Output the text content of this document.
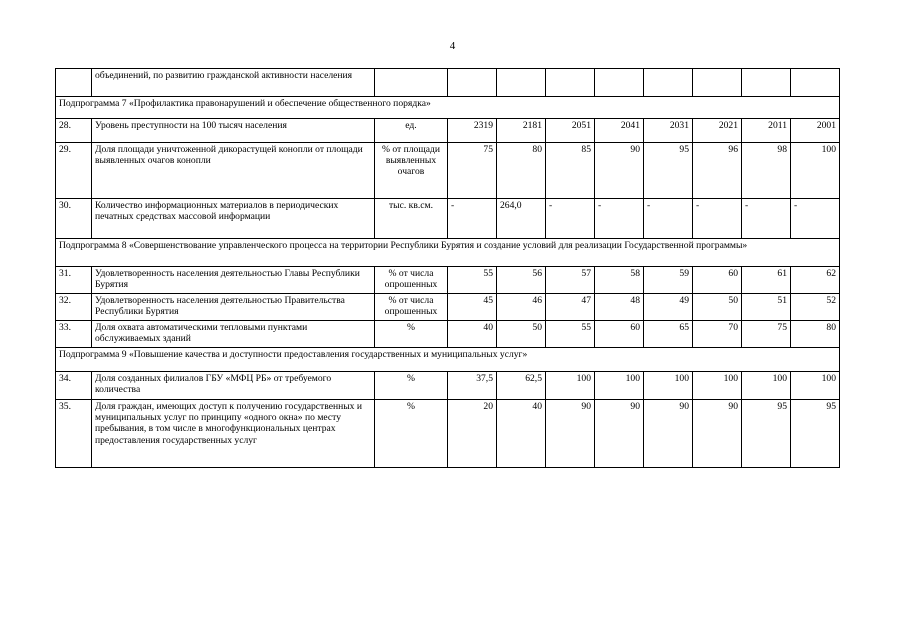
4
	объединений, по развитию гражданской активности населения									
Подпрограмма 7 «Профилактика правонарушений и обеспечение общественного порядка»										
28.	Уровень преступности на 100 тысяч населения	ед.	2319	2181	2051	2041	2031	2021	2011	2001
29.	Доля площади уничтоженной дикорастущей конопли от площади выявленных очагов конопли	% от площади выявленных очагов	75	80	85	90	95	96	98	100
30.	Количество информационных материалов в периодических печатных средствах массовой информации	тыс. кв.см.	-	264,0	-	-	-	-	-	-
Подпрограмма 8 «Совершенствование управленческого процесса на территории Республики Бурятия и создание условий для реализации Государственной программы»										
31.	Удовлетворенность населения деятельностью Главы Республики Бурятия	% от числа опрошенных	55	56	57	58	59	60	61	62
32.	Удовлетворенность населения деятельностью Правительства Республики Бурятия	% от числа опрошенных	45	46	47	48	49	50	51	52
33.	Доля охвата автоматическими тепловыми пунктами обслуживаемых зданий	%	40	50	55	60	65	70	75	80
Подпрограмма 9 «Повышение качества и доступности предоставления государственных и муниципальных услуг»										
34.	Доля созданных филиалов ГБУ «МФЦ РБ» от требуемого количества	%	37,5	62,5	100	100	100	100	100	100
35.	Доля граждан, имеющих доступ к получению государственных и муниципальных услуг по принципу «одного окна» по месту пребывания, в том числе в многофункциональных центрах предоставления государственных услуг	%	20	40	90	90	90	90	95	95
